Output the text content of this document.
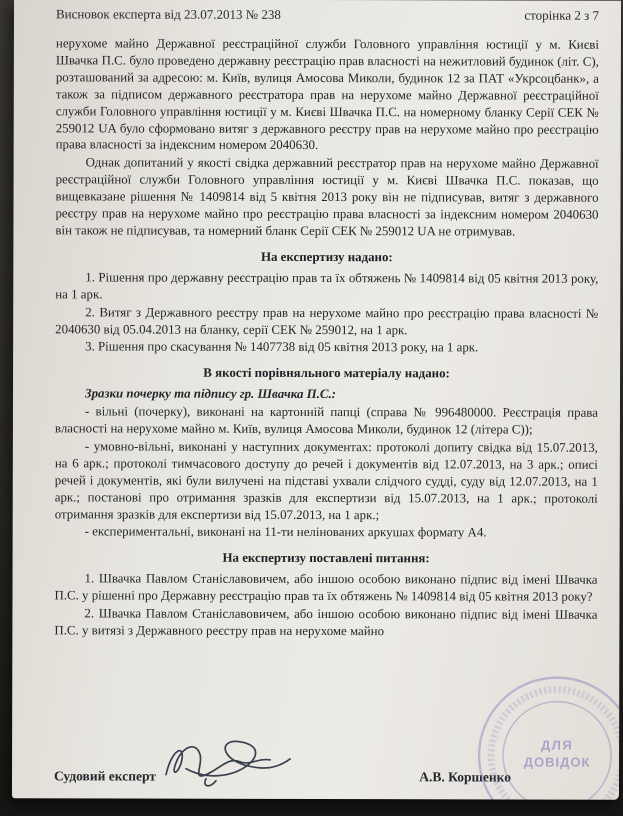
Висновок експерта від 23.07.2013 № 238	сторінка 2 з 7

нерухоме майно Державної реєстраційної служби Головного управління юстиції у м. Києві Швачка П.С. було проведено державну реєстрацію прав власності на нежитловий будинок (літ. С), розташований за адресою: м. Київ, вулиця Амосова Миколи, будинок 12 за ПАТ «Укрсоцбанк», а також за підписом державного реєстратора прав на нерухоме майно Державної реєстраційної служби Головного управління юстиції у м. Києві Швачка П.С. на номерному бланку Серії СЕК № 259012 UA було сформовано витяг з державного реєстру прав на нерухоме майно про реєстрацію права власності за індексним номером 2040630.

Однак допитаний у якості свідка державний реєстратор прав на нерухоме майно Державної реєстраційної служби Головного управління юстиції у м. Києві Швачка П.С. показав, що вищевказане рішення № 1409814 від 5 квітня 2013 року він не підписував, витяг з державного реєстру прав на нерухоме майно про реєстрацію права власності за індексним номером 2040630 він також не підписував, та номерний бланк Серії СЕК № 259012 UA не отримував.

На експертизу надано:

1. Рішення про державну реєстрацію прав та їх обтяжень № 1409814 від 05 квітня 2013 року, на 1 арк.

2. Витяг з Державного реєстру прав на нерухоме майно про реєстрацію права власності № 2040630 від 05.04.2013 на бланку, серії СЕК № 259012, на 1 арк.

3. Рішення про скасування № 1407738 від 05 квітня 2013 року, на 1 арк.

В якості порівняльного матеріалу надано:

Зразки почерку та підпису гр. Швачка П.С.:

- вільні (почерку), виконані на картонній папці (справа № 996480000. Реєстрація права власності на нерухоме майно м. Київ, вулиця Амосова Миколи, будинок 12 (літера С));

- умовно-вільні, виконані у наступних документах: протоколі допиту свідка від 15.07.2013, на 6 арк.; протоколі тимчасового доступу до речей і документів від 12.07.2013, на 3 арк.; описі речей і документів, які були вилучені на підставі ухвали слідчого судді, суду від 12.07.2013, на 1 арк.; постанові про отримання зразків для експертизи від 15.07.2013, на 1 арк.; протоколі отримання зразків для експертизи від 15.07.2013, на 1 арк.;

- експериментальні, виконані на 11-ти нелінованих аркушах формату А4.

На експертизу поставлені питання:

1. Швачка Павлом Станіславовичем, або іншою особою виконано підпис від імені Швачка П.С. у рішенні про Державну реєстрацію прав та їх обтяжень № 1409814 від 05 квітня 2013 року?

2. Швачка Павлом Станіславовичем, або іншою особою виконано підпис від імені Швачка П.С. у витязі з Державного реєстру прав на нерухоме майно

Судовий експерт	А.В. Коршенко
ДЛЯ
ДОВІДОК
